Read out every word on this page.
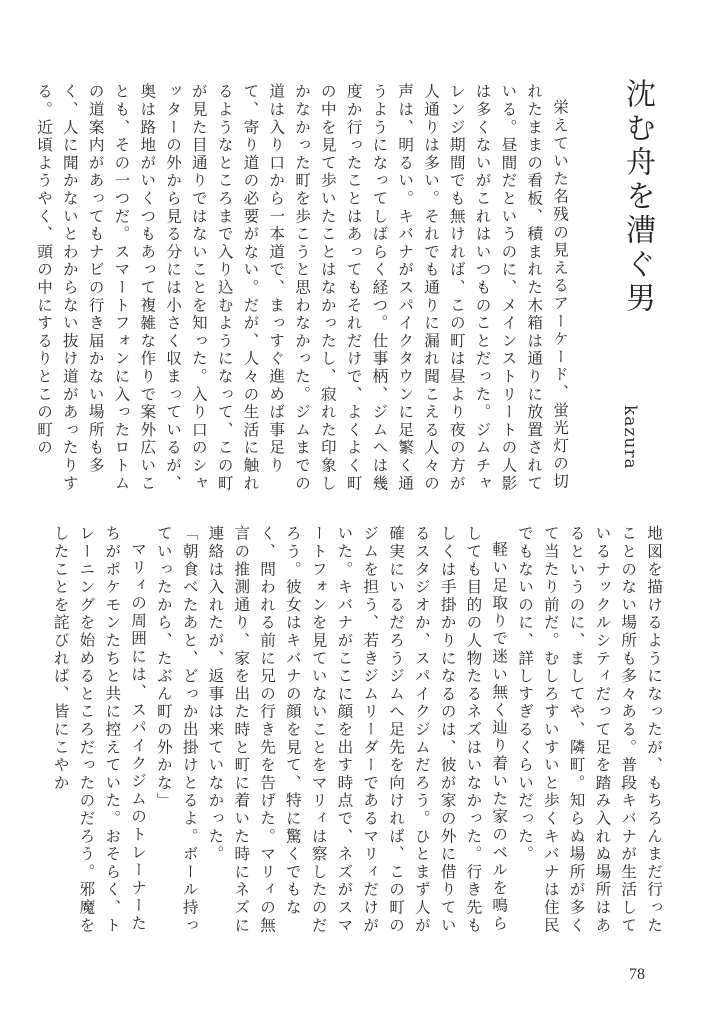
沈む舟を漕ぐ男
kazura

栄えていた名残の見えるアーケード、蛍光灯の切れたままの看板、積まれた木箱は通りに放置されている。昼間だというのに、メインストリートの人影は多くないがこれはいつものことだった。ジムチャレンジ期間でも無ければ、この町は昼より夜の方が人通りは多い。それでも通りに漏れ聞こえる人々の声は、明るい。キバナがスパイクタウンに足繁く通うようになってしばらく経つ。仕事柄、ジムへは幾度か行ったことはあってもそれだけで、よくよく町の中を見て歩いたことはなかったし、寂れた印象しかなかった町を歩こうと思わなかった。ジムまでの道は入り口から一本道で、まっすぐ進めば事足りて、寄り道の必要がない。だが、人々の生活に触れるようなところまで入り込むようになって、この町が見た目通りではないことを知った。入り口のシャッターの外から見る分には小さく収まっているが、奥は路地がいくつもあって複雑な作りで案外広いことも、その一つだ。スマートフォンに入ったロトムの道案内があってもナビの行き届かない場所も多く、人に聞かないとわからない抜け道があったりする。近頃ようやく、頭の中にするりとこの町の

地図を描けるようになったが、もちろんまだ行ったことのない場所も多々ある。普段キバナが生活しているナックルシティだって足を踏み入れぬ場所はあるというのに、ましてや、隣町。知らぬ場所が多くて当たり前だ。むしろすいすいと歩くキバナは住民でもないのに、詳しすぎるくらいだった。

軽い足取りで迷い無く辿り着いた家のベルを鳴らしても目的の人物たるネズはいなかった。行き先もしくは手掛かりになるのは、彼が家の外に借りているスタジオか、スパイクジムだろう。ひとまず人が確実にいるだろうジムへ足先を向ければ、この町のジムを担う、若きジムリーダーであるマリィだけがいた。キバナがここに顔を出す時点で、ネズがスマートフォンを見ていないことをマリィは察したのだろう。彼女はキバナの顔を見て、特に驚くでもなく、問われる前に兄の行き先を告げた。マリィの無言の推測通り、家を出た時と町に着いた時にネズに連絡は入れたが、返事は来ていなかった。

「朝食べたあと、どっか出掛けとるよ。ボール持っていったから、たぶん町の外かな」

マリィの周囲には、スパイクジムのトレーナーたちがポケモンたちと共に控えていた。おそらく、トレーニングを始めるところだったのだろう。邪魔をしたことを詫びれば、皆にこやか

78
